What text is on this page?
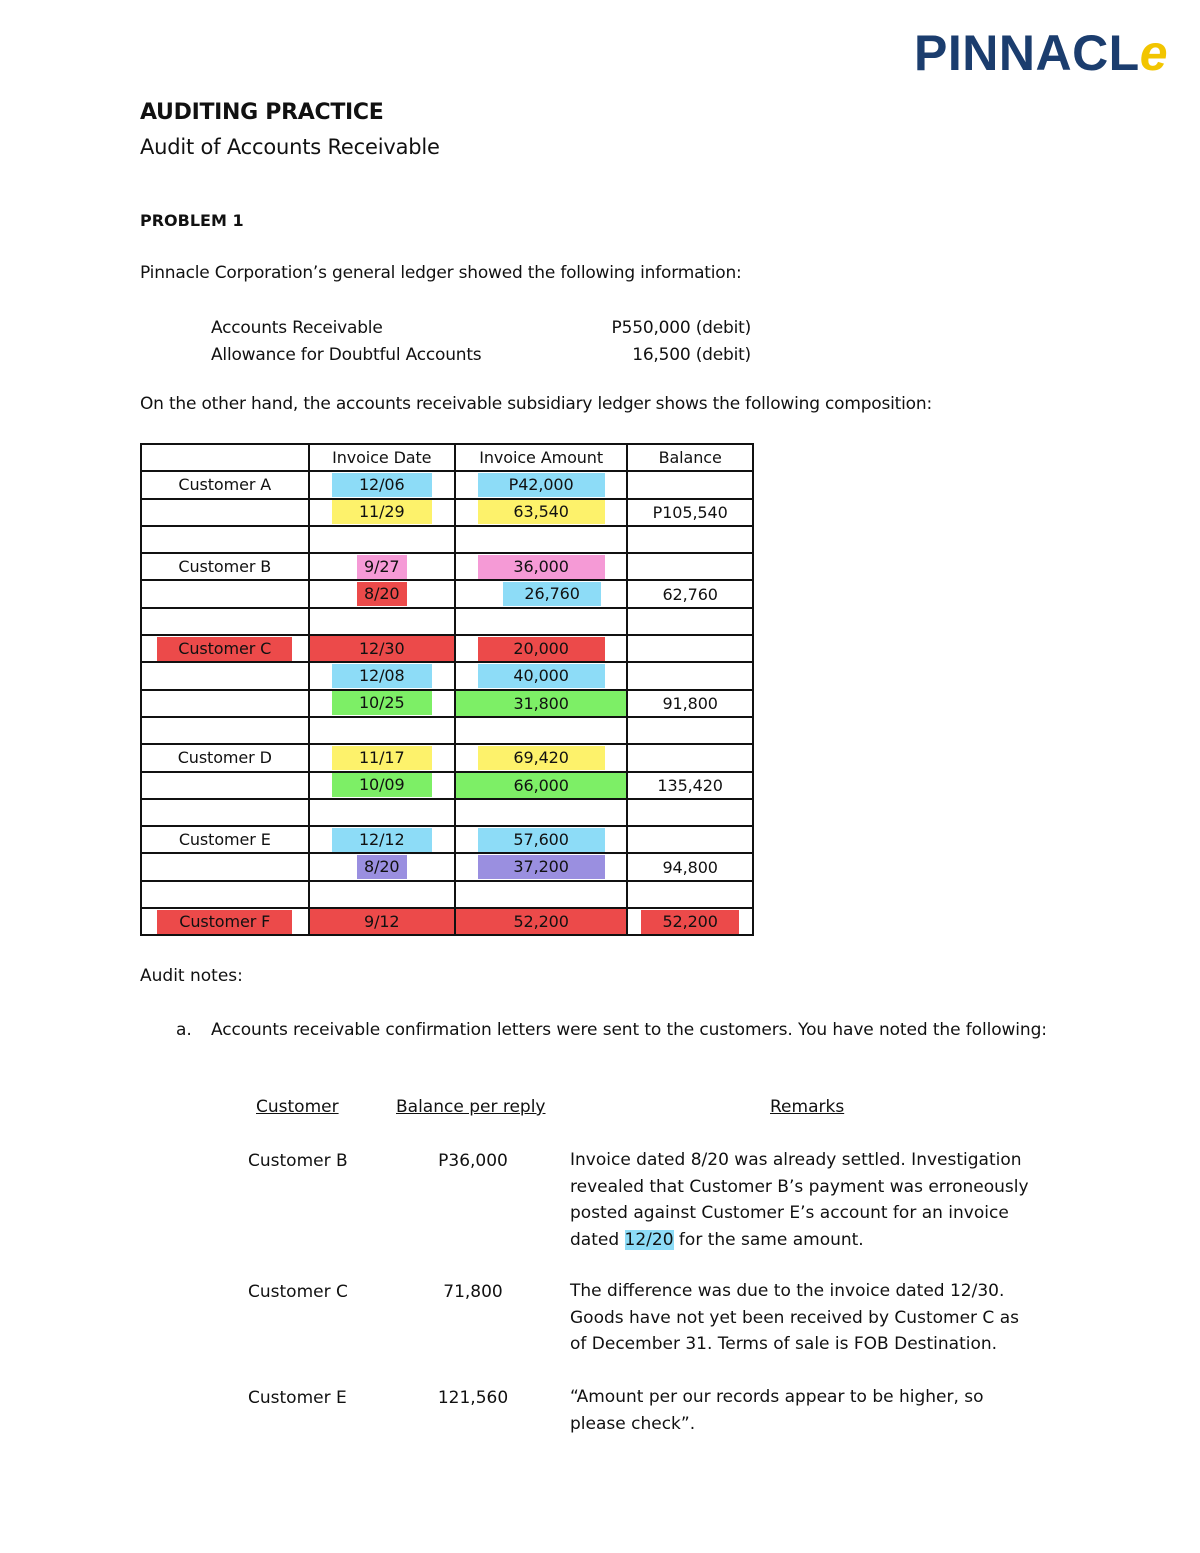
PINNACLe
AUDITING PRACTICE
Audit of Accounts Receivable
PROBLEM 1
Pinnacle Corporation’s general ledger showed the following information:
Accounts Receivable	P550,000 (debit)
Allowance for Doubtful Accounts	16,500 (debit)
On the other hand, the accounts receivable subsidiary ledger shows the following composition:
	Invoice Date	Invoice Amount	Balance
Customer A	12/06	P42,000	
	11/29	63,540	P105,540

Customer B	9/27	36,000	
	8/20	26,760	62,760

Customer C	12/30	20,000	
	12/08	40,000	
	10/25	31,800	91,800

Customer D	11/17	69,420	
	10/09	66,000	135,420

Customer E	12/12	57,600	
	8/20	37,200	94,800

Customer F	9/12	52,200	52,200
Audit notes:
a. Accounts receivable confirmation letters were sent to the customers. You have noted the following:
Customer	Balance per reply	Remarks
Customer B	P36,000	Invoice dated 8/20 was already settled. Investigation revealed that Customer B’s payment was erroneously posted against Customer E’s account for an invoice dated 12/20 for the same amount.
Customer C	71,800	The difference was due to the invoice dated 12/30. Goods have not yet been received by Customer C as of December 31. Terms of sale is FOB Destination.
Customer E	121,560	“Amount per our records appear to be higher, so please check”.
